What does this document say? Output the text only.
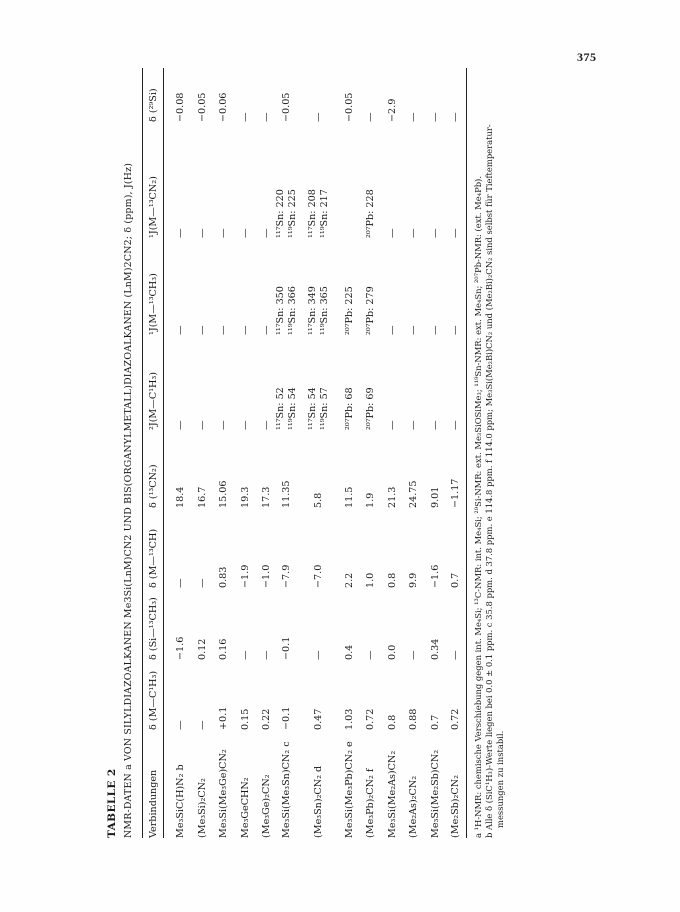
375
TABELLE 2 NMR-DATEN a VON SILYLDIAZOALKANEN Me3Si(LnM)CN2 UND BIS(ORGANYLMETALL)DIAZOALKANEN (LnM)2CN2; δ (ppm), J(Hz) Verbindungen
δ (M—C¹H₃)
δ (Si—¹³CH₃)
δ (M—¹³CH)
δ (¹³CN₂)
²J(M—C¹H₃)
¹J(M—¹³CH₃)
¹J(M—¹³CN₂)
δ (²⁹Si)
Me₃SiC(H)N₂ b
—
−1.6
—
18.4
—
—
—
−0.08
(Me₃Si)₂CN₂
—
0.12
—
16.7
—
—
—
−0.05
Me₃Si(Me₃Ge)CN₂
+0.1
0.16
0.83
15.06
—
—
—
−0.06
Me₃GeCHN₂
0.15
—
−1.9
19.3
—
—
—
—
(Me₃Ge)₂CN₂
0.22
—
−1.0
17.3
—
—
—
—
Me₃Si(Me₃Sn)CN₂ c
−0.1
−0.1
−7.9
11.35
¹¹⁷Sn: 52 ¹¹⁹Sn: 54
¹¹⁷Sn: 350 ¹¹⁹Sn: 366
¹¹⁷Sn: 220 ¹¹⁹Sn: 225
−0.05
(Me₃Sn)₂CN₂ d
0.47
—
−7.0
5.8
¹¹⁷Sn: 54 ¹¹⁹Sn: 57
¹¹⁷Sn: 349 ¹¹⁹Sn: 365
¹¹⁷Sn: 208 ¹¹⁹Sn: 217
—
Me₃Si(Me₃Pb)CN₂ e
1.03
0.4
2.2
11.5
²⁰⁷Pb: 68
²⁰⁷Pb: 225
−0.05
(Me₃Pb)₂CN₂ f
0.72
—
1.0
1.9
²⁰⁷Pb: 69
²⁰⁷Pb: 279
²⁰⁷Pb: 228
—
Me₃Si(Me₂As)CN₂
0.8
0.0
0.8
21.3
—
—
—
−2.9
(Me₂As)₂CN₂
0.88
—
9.9
24.75
—
—
—
—
Me₃Si(Me₂Sb)CN₂
0.7
0.34
−1.6
9.01
—
—
—
—
(Me₂Sb)₂CN₂
0.72
—
0.7
−1.17
—
—
—
—
a ¹H-NMR: chemische Verschiebung gegen int. Me₄Si; ¹³C-NMR: int. Me₄Si; ²⁹Si-NMR: ext. Me₃SiOSiMe₃; ¹¹⁹Sn-NMR: ext. Me₄Sn; ²⁰⁷Pb-NMR: (ext. Me₄Pb). b Alle δ (SiC¹H₃)-Werte liegen bei 0.0 ± 0.1 ppm. c 35.8 ppm. d 37.8 ppm. e 114.8 ppm. f 114.0 ppm; Me₃Si(Me₂Bi)CN₂ und (Me₂Bi)₂CN₂ sind selbst für Tieftemperatur- messungen zu instabil.
